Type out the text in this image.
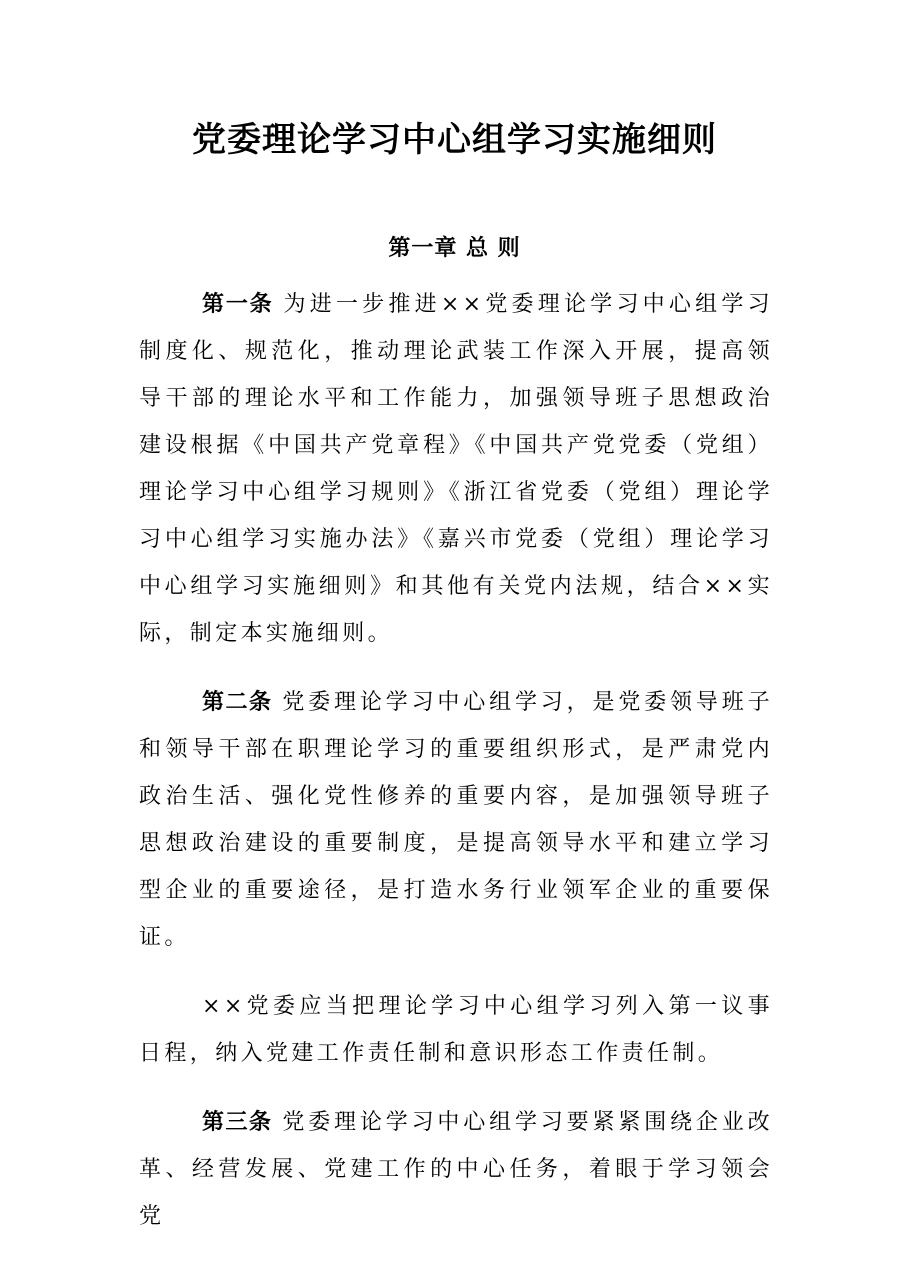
党委理论学习中心组学习实施细则
第一章 总 则

第一条 为进一步推进××党委理论学习中心组学习制度化、规范化，推动理论武装工作深入开展，提高领导干部的理论水平和工作能力，加强领导班子思想政治建设根据《中国共产党章程》《中国共产党党委（党组）理论学习中心组学习规则》《浙江省党委（党组）理论学习中心组学习实施办法》《嘉兴市党委（党组）理论学习中心组学习实施细则》和其他有关党内法规，结合××实际，制定本实施细则。

第二条 党委理论学习中心组学习，是党委领导班子和领导干部在职理论学习的重要组织形式，是严肃党内政治生活、强化党性修养的重要内容，是加强领导班子思想政治建设的重要制度，是提高领导水平和建立学习型企业的重要途径，是打造水务行业领军企业的重要保证。

××党委应当把理论学习中心组学习列入第一议事日程，纳入党建工作责任制和意识形态工作责任制。

第三条 党委理论学习中心组学习要紧紧围绕企业改革、经营发展、党建工作的中心任务，着眼于学习领会党
